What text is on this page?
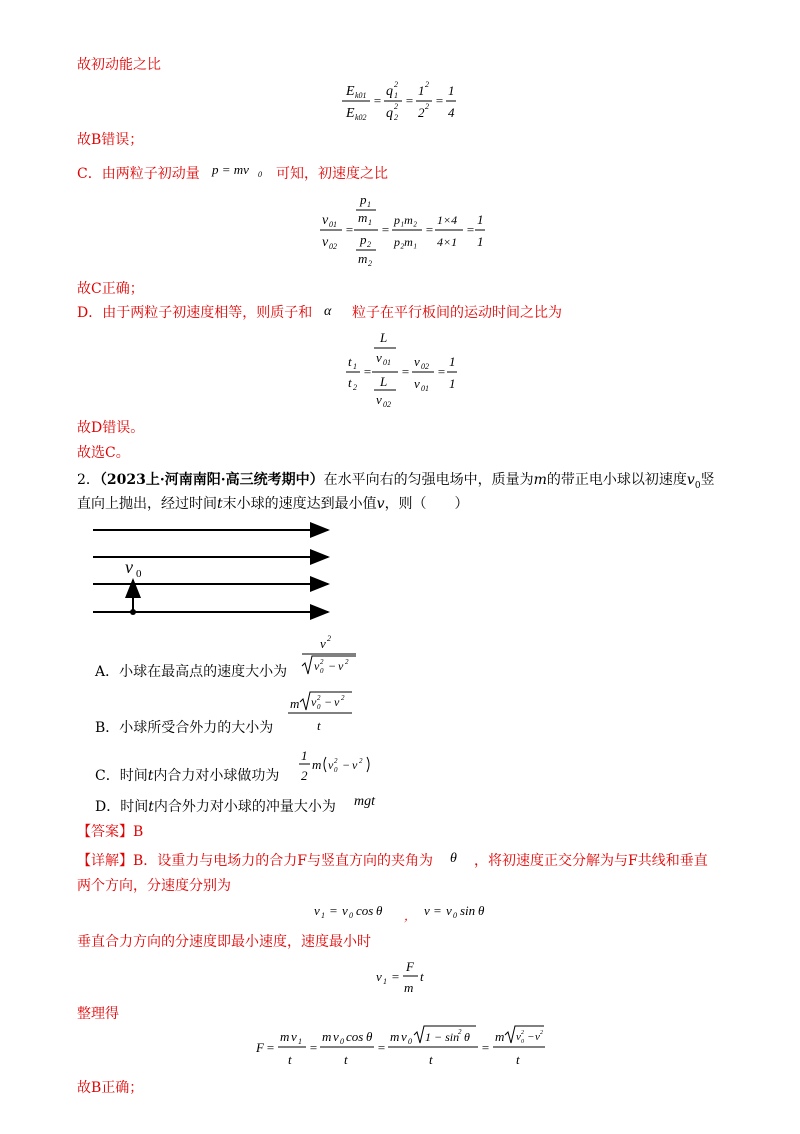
故初动能之比
E k01
E k02
=
q 2
1
q 2
2
=
1 2
2 2 =
1
4
故B错误；
C．由两粒子初动量 p = mv 0 可知，初速度之比
v 01
v 02
=
p 1
m 1
p 2
m 2
=
p₁m₂
p₂m₁
=
1×4
4×1
=
1
1
故C正确；
D．由于两粒子初速度相等，则质子和 α 粒子在平行板间的运动时间之比为
t 1
t 2
=
L
v 01
L
v 02
=
v 02
v 01
=
1
1
故D错误。
故选C。
2．（2023上·河南南阳·高三统考期中）在水平向右的匀强电场中，质量为m的带正电小球以初速度$v_0$竖
直向上抛出，经过时间t末小球的速度达到最小值v，则（　　）
v 0
A．小球在最高点的速度大小为
v 2
v 0
2 − v 2
B．小球所受合外力的大小为
m v 0
2 − v 2
t
C．时间t内合力对小球做功为
1
2
m v 0
2 − v 2
D．时间t内合外力对小球的冲量大小为 mgt
【答案】B
【详解】B．设重力与电场力的合力F与竖直方向的夹角为 θ ，将初速度正交分解为与F共线和垂直
两个方向，分速度分别为
v 1 = v 0 cos θ ， v = v 0 sin θ
垂直合力方向的分速度即最小速度，速度最小时
v 1 =
F
m
t
整理得
F =
m v 1
t
=
m v 0 cos θ
t
=
m v 0 1 − sin
2 θ
t
=
m v 0
2 − v 2
t
故B正确；
